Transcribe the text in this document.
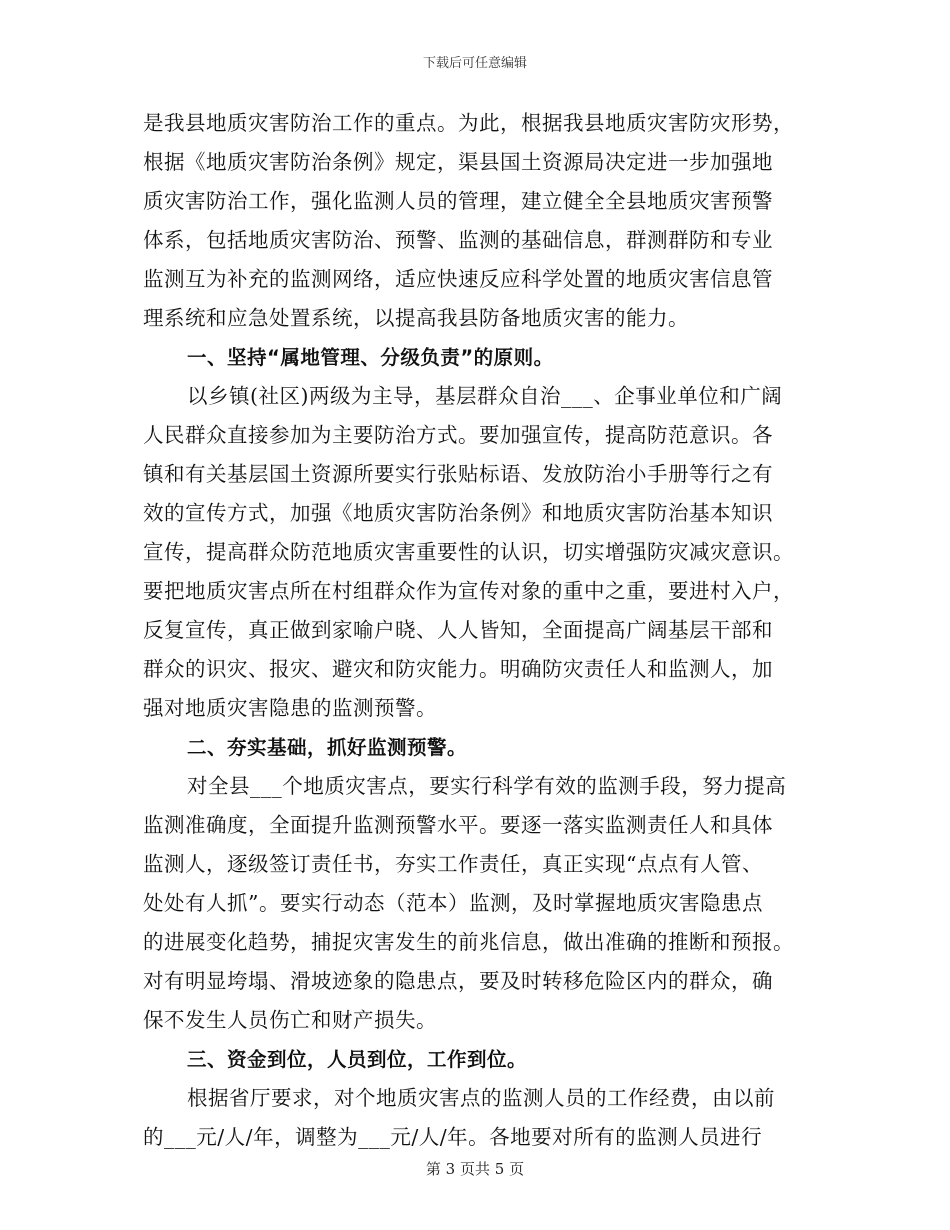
下载后可任意编辑
是我县地质灾害防治工作的重点。为此，根据我县地质灾害防灾形势，
根据《地质灾害防治条例》规定，渠县国土资源局决定进一步加强地
质灾害防治工作，强化监测人员的管理，建立健全全县地质灾害预警
体系，包括地质灾害防治、预警、监测的基础信息，群测群防和专业
监测互为补充的监测网络，适应快速反应科学处置的地质灾害信息管
理系统和应急处置系统，以提高我县防备地质灾害的能力。
一、坚持“属地管理、分级负责”的原则。
以乡镇(社区)两级为主导，基层群众自治___、企事业单位和广阔
人民群众直接参加为主要防治方式。要加强宣传，提高防范意识。各
镇和有关基层国土资源所要实行张贴标语、发放防治小手册等行之有
效的宣传方式，加强《地质灾害防治条例》和地质灾害防治基本知识
宣传，提高群众防范地质灾害重要性的认识，切实增强防灾减灾意识。
要把地质灾害点所在村组群众作为宣传对象的重中之重，要进村入户，
反复宣传，真正做到家喻户晓、人人皆知，全面提高广阔基层干部和
群众的识灾、报灾、避灾和防灾能力。明确防灾责任人和监测人，加
强对地质灾害隐患的监测预警。
二、夯实基础，抓好监测预警。
对全县___个地质灾害点，要实行科学有效的监测手段，努力提高
监测准确度，全面提升监测预警水平。要逐一落实监测责任人和具体
监测人，逐级签订责任书，夯实工作责任，真正实现“点点有人管、
处处有人抓”。要实行动态（范本）监测，及时掌握地质灾害隐患点
的进展变化趋势，捕捉灾害发生的前兆信息，做出准确的推断和预报。
对有明显垮塌、滑坡迹象的隐患点，要及时转移危险区内的群众，确
保不发生人员伤亡和财产损失。
三、资金到位，人员到位，工作到位。
根据省厅要求，对个地质灾害点的监测人员的工作经费，由以前
的___元/人/年，调整为___元/人/年。各地要对所有的监测人员进行
第 3 页共 5 页
